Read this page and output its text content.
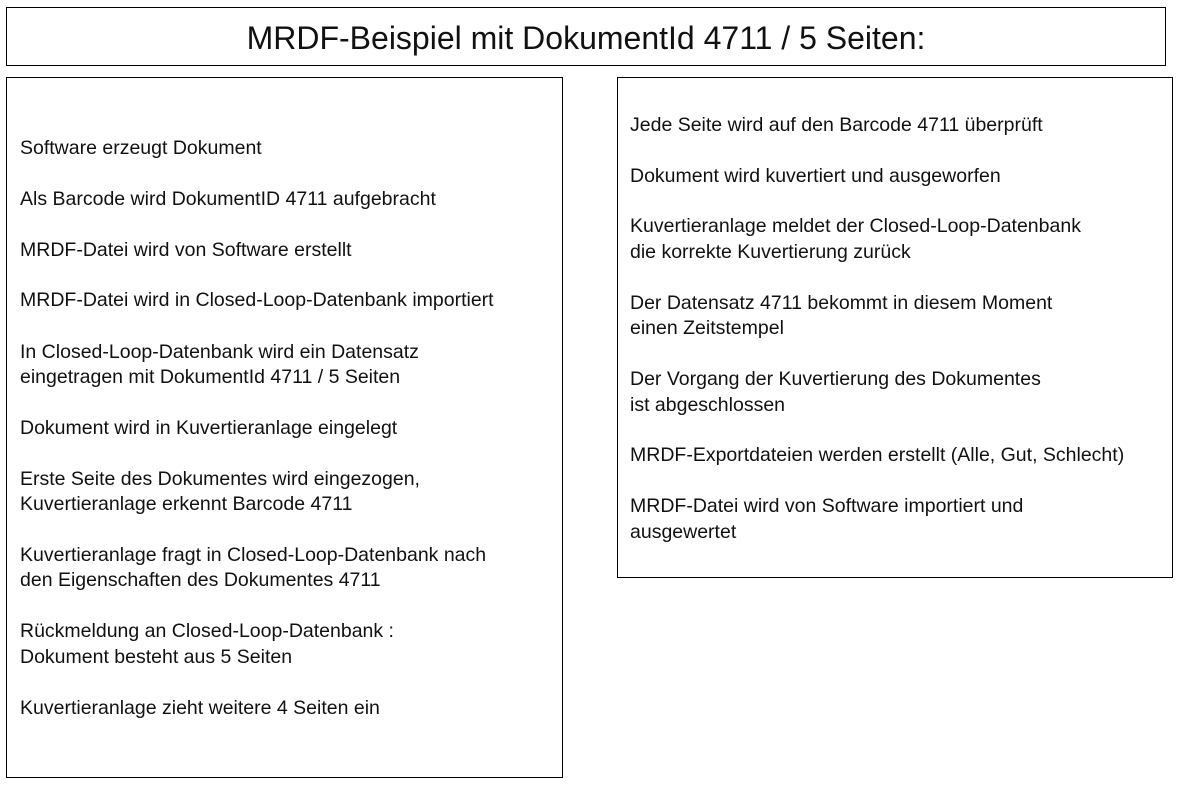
MRDF-Beispiel mit DokumentId 4711 / 5 Seiten:

Software erzeugt Dokument

Als Barcode wird DokumentID 4711 aufgebracht

MRDF-Datei wird von Software erstellt

MRDF-Datei wird in Closed-Loop-Datenbank importiert

In Closed-Loop-Datenbank wird ein Datensatz

eingetragen mit DokumentId 4711 / 5 Seiten

Dokument wird in Kuvertieranlage eingelegt

Erste Seite des Dokumentes wird eingezogen,

Kuvertieranlage erkennt Barcode 4711

Kuvertieranlage fragt in Closed-Loop-Datenbank nach

den Eigenschaften des Dokumentes 4711

Rückmeldung an Closed-Loop-Datenbank :

Dokument besteht aus 5 Seiten

Kuvertieranlage zieht weitere 4 Seiten ein

Jede Seite wird auf den Barcode 4711 überprüft

Dokument wird kuvertiert und ausgeworfen

Kuvertieranlage meldet der Closed-Loop-Datenbank

die korrekte Kuvertierung zurück

Der Datensatz 4711 bekommt in diesem Moment

einen Zeitstempel

Der Vorgang der Kuvertierung des Dokumentes

ist abgeschlossen

MRDF-Exportdateien werden erstellt (Alle, Gut, Schlecht)

MRDF-Datei wird von Software importiert und

ausgewertet
